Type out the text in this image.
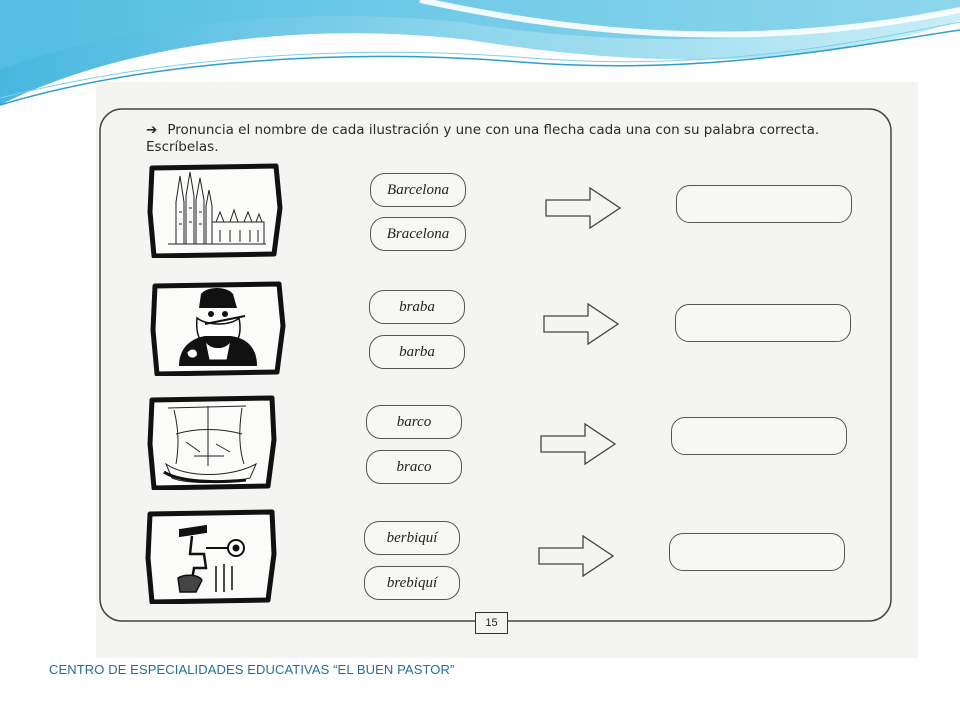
➔ Pronuncia el nombre de cada ilustración y une con una flecha cada una con su palabra correcta.
Escríbelas.
Barcelona
Bracelona
braba
barba
barco
braco
berbiquí
brebiquí
15
CENTRO DE ESPECIALIDADES EDUCATIVAS “EL BUEN PASTOR”
